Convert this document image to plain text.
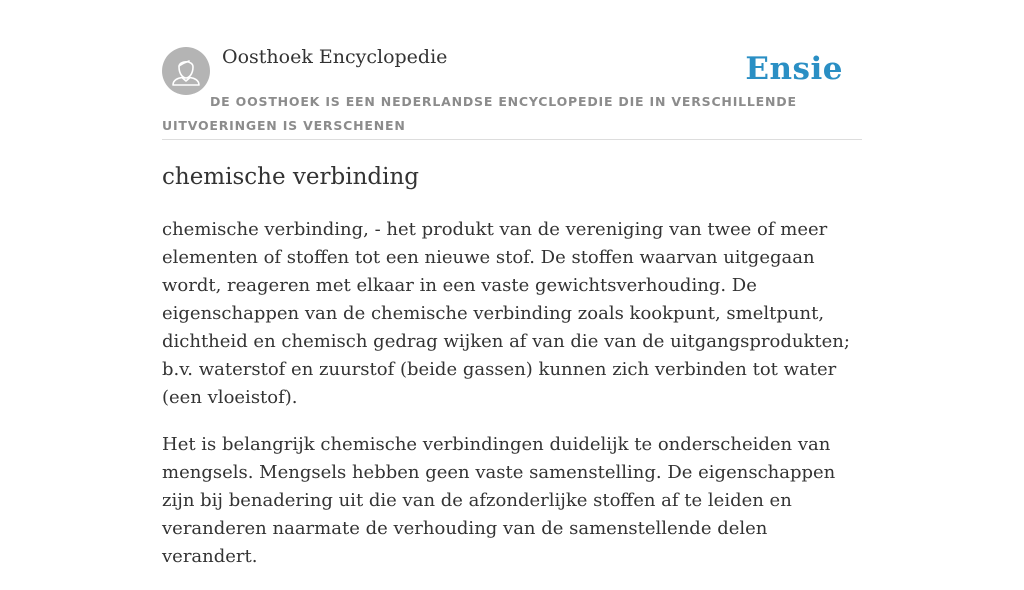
Oosthoek Encyclopedie	Ensie
DE OOSTHOEK IS EEN NEDERLANDSE ENCYCLOPEDIE DIE IN VERSCHILLENDE UITVOERINGEN IS VERSCHENEN
chemische verbinding

chemische verbinding, - het produkt van de vereniging van twee of meer elementen of stoffen tot een nieuwe stof. De stoffen waarvan uitgegaan wordt, reageren met elkaar in een vaste gewichtsverhouding. De eigenschappen van de chemische verbinding zoals kookpunt, smeltpunt, dichtheid en chemisch gedrag wijken af van die van de uitgangsprodukten; b.v. waterstof en zuurstof (beide gassen) kunnen zich verbinden tot water (een vloeistof).

Het is belangrijk chemische verbindingen duidelijk te onderscheiden van mengsels. Mengsels hebben geen vaste samenstelling. De eigenschappen zijn bij benadering uit die van de afzonderlijke stoffen af te leiden en veranderen naarmate de verhouding van de samenstellende delen verandert.
